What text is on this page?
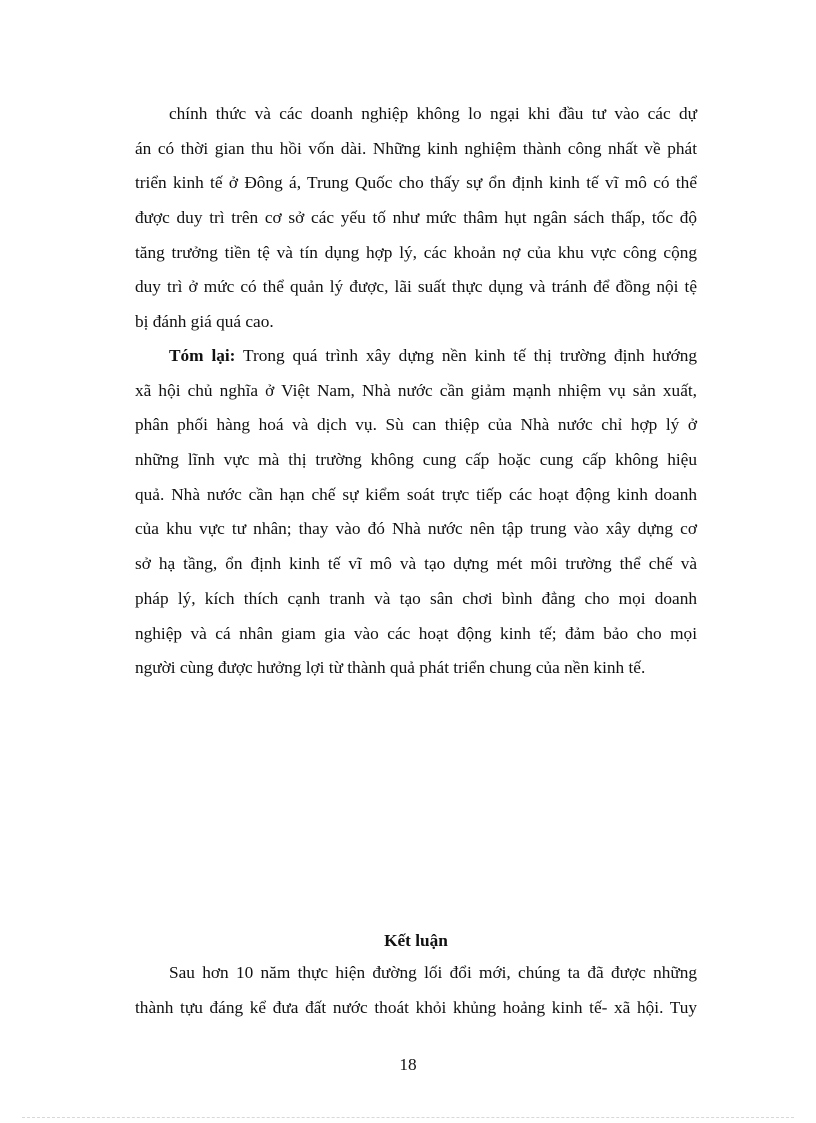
chính thức và các doanh nghiệp không lo ngại khi đầu tư vào các dự
án có thời gian thu hồi vốn dài. Những kinh nghiệm thành công nhất về phát
triển kinh tế ở Đông á, Trung Quốc cho thấy sự ổn định kinh tế vĩ mô có thể
được duy trì trên cơ sở các yếu tố như mức thâm hụt ngân sách thấp, tốc độ
tăng trưởng tiền tệ và tín dụng hợp lý, các khoản nợ của khu vực công cộng
duy trì ở mức có thể quản lý được, lãi suất thực dụng và tránh để đồng nội tệ
bị đánh giá quá cao.
Tóm lại: Trong quá trình xây dựng nền kinh tế thị trường định hướng
xã hội chủ nghĩa ở Việt Nam, Nhà nước cần giảm mạnh nhiệm vụ sản xuất,
phân phối hàng hoá và dịch vụ. Sù can thiệp của Nhà nước chỉ hợp lý ở
những lĩnh vực mà thị trường không cung cấp hoặc cung cấp không hiệu
quả. Nhà nước cần hạn chế sự kiểm soát trực tiếp các hoạt động kinh doanh
của khu vực tư nhân; thay vào đó Nhà nước nên tập trung vào xây dựng cơ
sở hạ tầng, ổn định kinh tế vĩ mô và tạo dựng mét môi trường thể chế và
pháp lý, kích thích cạnh tranh và tạo sân chơi bình đẳng cho mọi doanh
nghiệp và cá nhân giam gia vào các hoạt động kinh tế; đảm bảo cho mọi
người cùng được hưởng lợi từ thành quả phát triển chung của nền kinh tế.
Kết luận
Sau hơn 10 năm thực hiện đường lối đổi mới, chúng ta đã được những
thành tựu đáng kể đưa đất nước thoát khỏi khủng hoảng kinh tế- xã hội. Tuy
18
